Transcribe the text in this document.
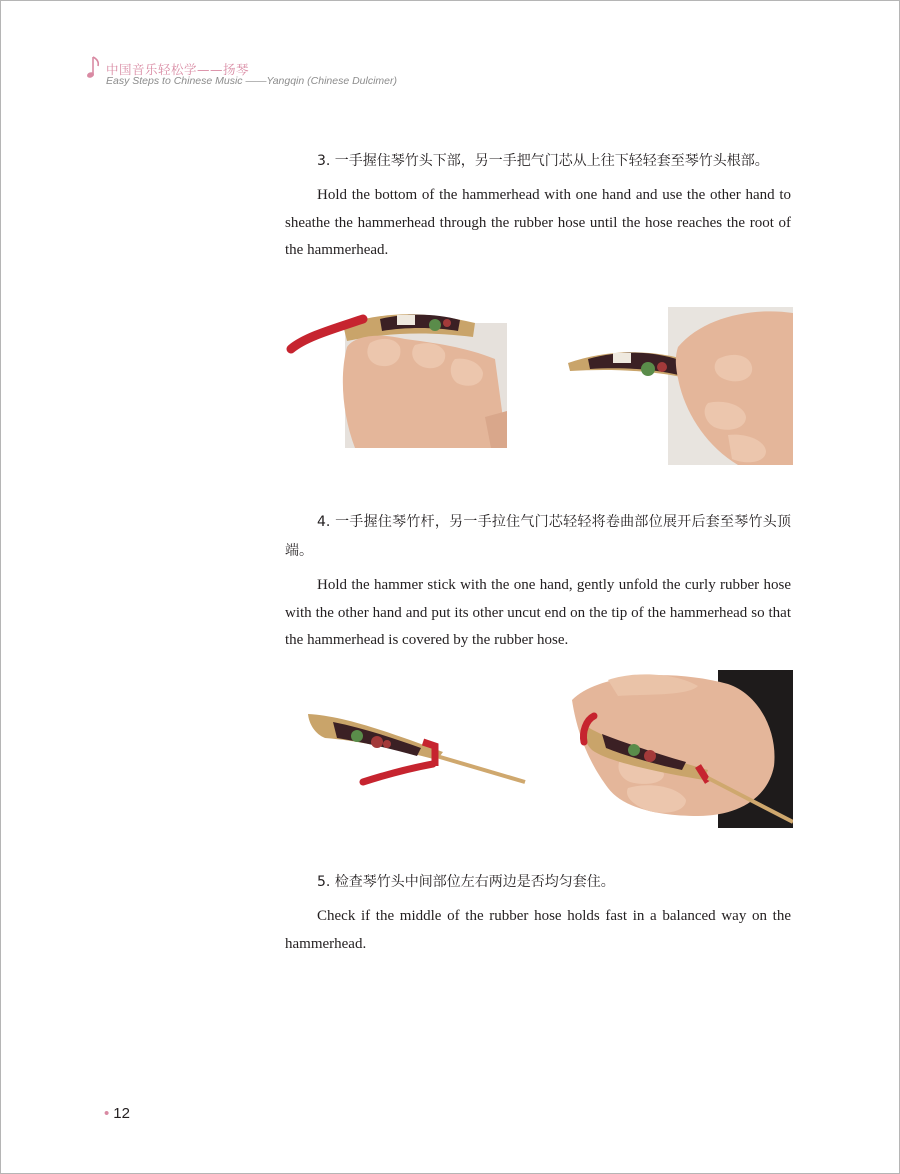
中国音乐轻松学——扬琴
Easy Steps to Chinese Music ——Yangqin (Chinese Dulcimer)

3. 一手握住琴竹头下部，另一手把气门芯从上往下轻轻套至琴竹头根部。

Hold the bottom of the hammerhead with one hand and use the other hand to sheathe the hammerhead through the rubber hose until the hose reaches the root of the hammerhead.

4. 一手握住琴竹杆，另一手拉住气门芯轻轻将卷曲部位展开后套至琴竹头顶端。

Hold the hammer stick with the one hand, gently unfold the curly rubber hose with the other hand and put its other uncut end on the tip of the hammerhead so that the hammerhead is covered by the rubber hose.

5. 检查琴竹头中间部位左右两边是否均匀套住。

Check if the middle of the rubber hose holds fast in a balanced way on the hammerhead.

• 12
